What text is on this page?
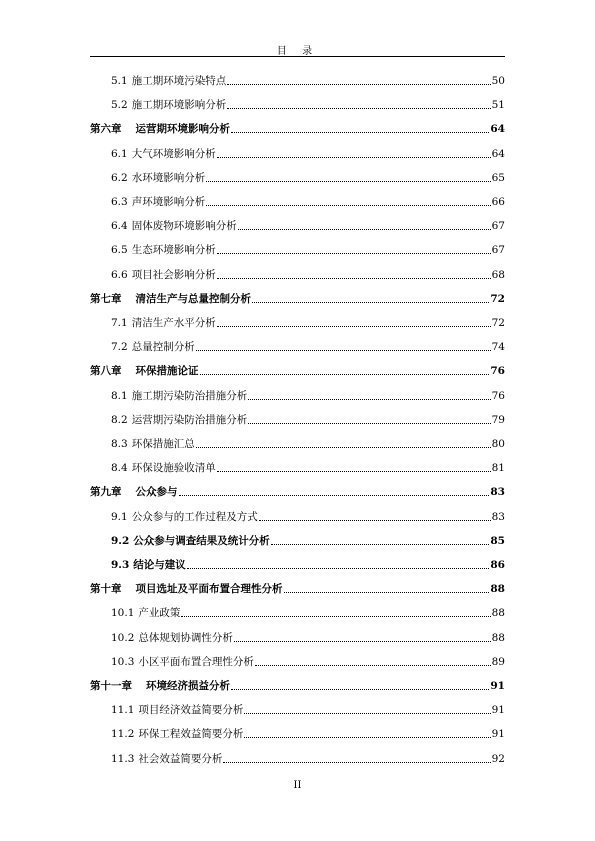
目 录
5.1 施工期环境污染特点	50
5.2 施工期环境影响分析	51
第六章 运营期环境影响分析	64
6.1 大气环境影响分析	64
6.2 水环境影响分析	65
6.3 声环境影响分析	66
6.4 固体废物环境影响分析	67
6.5 生态环境影响分析	67
6.6 项目社会影响分析	68
第七章 清洁生产与总量控制分析	72
7.1 清洁生产水平分析	72
7.2 总量控制分析	74
第八章 环保措施论证	76
8.1 施工期污染防治措施分析	76
8.2 运营期污染防治措施分析	79
8.3 环保措施汇总	80
8.4 环保设施验收清单	81
第九章 公众参与	83
9.1 公众参与的工作过程及方式	83
9.2 公众参与调查结果及统计分析	85
9.3 结论与建议	86
第十章 项目选址及平面布置合理性分析	88
10.1 产业政策	88
10.2 总体规划协调性分析	88
10.3 小区平面布置合理性分析	89
第十一章 环境经济损益分析	91
11.1 项目经济效益简要分析	91
11.2 环保工程效益简要分析	91
11.3 社会效益简要分析	92
II
